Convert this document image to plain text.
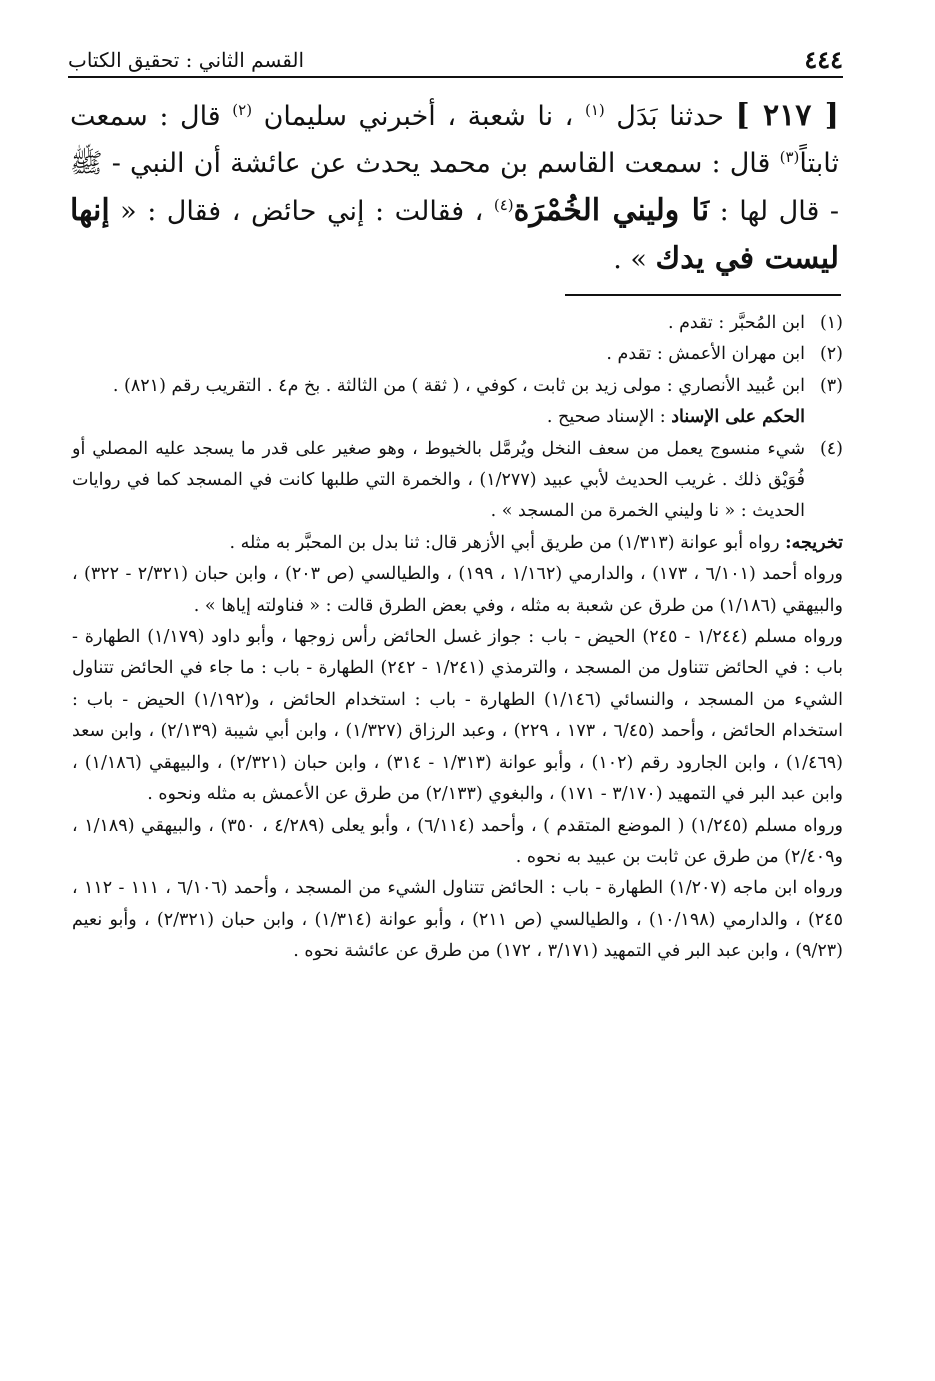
٤٤٤
القسم الثاني : تحقيق الكتاب

[ ٢١٧ ] حدثنا بَدَل $^{(١)}$ ، نا شعبة ، أخبرني سليمان $^{(٢)}$ قال : سمعت ثابتاً$^{(٣)}$ قال : سمعت القاسم بن محمد يحدث عن عائشة أن النبي - ﷺ - قال لها : نَا وليني الخُمْرَة$^{(٤)}$ ، فقالت : إني حائض ، فقال : « إنها ليست في يدك » .

(١)
ابن المُحبَّر : تقدم .
(٢)
ابن مهران الأعمش : تقدم .
(٣)
ابن عُبيد الأنصاري : مولى زيد بن ثابت ، كوفي ، ( ثقة ) من الثالثة . بخ م٤ . التقريب رقم (٨٢١) .

الحكم على الإسناد : الإسناد صحيح .

(٤)
شيء منسوج يعمل من سعف النخل ويُرمَّل بالخيوط ، وهو صغير على قدر ما يسجد عليه المصلي أو فُوَيْق ذلك . غريب الحديث لأبي عبيد (١/٢٧٧) ، والخمرة التي طلبها كانت في المسجد كما في روايات الحديث : « نا وليني الخمرة من المسجد » .

تخريجه: رواه أبو عوانة (١/٣١٣) من طريق أبي الأزهر قال: ثنا بدل بن المحبَّر به مثله .

ورواه أحمد (٦/١٠١ ، ١٧٣) ، والدارمي (١/١٦٢ ، ١٩٩) ، والطيالسي (ص ٢٠٣) ، وابن حبان (٢/٣٢١ - ٣٢٢) ، والبيهقي (١/١٨٦) من طرق عن شعبة به مثله ، وفي بعض الطرق قالت : « فناولته إياها » .

ورواه مسلم (١/٢٤٤ - ٢٤٥) الحيض - باب : جواز غسل الحائض رأس زوجها ، وأبو داود (١/١٧٩) الطهارة - باب : في الحائض تتناول من المسجد ، والترمذي (١/٢٤١ - ٢٤٢) الطهارة - باب : ما جاء في الحائض تتناول الشيء من المسجد ، والنسائي (١/١٤٦) الطهارة - باب : استخدام الحائض ، و(١/١٩٢) الحيض - باب : استخدام الحائض ، وأحمد (٦/٤٥ ، ١٧٣ ، ٢٢٩) ، وعبد الرزاق (١/٣٢٧) ، وابن أبي شيبة (٢/١٣٩) ، وابن سعد (١/٤٦٩) ، وابن الجارود رقم (١٠٢) ، وأبو عوانة (١/٣١٣ - ٣١٤) ، وابن حبان (٢/٣٢١) ، والبيهقي (١/١٨٦) ، وابن عبد البر في التمهيد (٣/١٧٠ - ١٧١) ، والبغوي (٢/١٣٣) من طرق عن الأعمش به مثله ونحوه .

ورواه مسلم (١/٢٤٥) ( الموضع المتقدم ) ، وأحمد (٦/١١٤) ، وأبو يعلى (٤/٢٨٩ ، ٣٥٠) ، والبيهقي (١/١٨٩ ، و٢/٤٠٩) من طرق عن ثابت بن عبيد به نحوه .

ورواه ابن ماجه (١/٢٠٧) الطهارة - باب : الحائض تتناول الشيء من المسجد ، وأحمد (٦/١٠٦ ، ١١١ - ١١٢ ، ٢٤٥) ، والدارمي (١٠/١٩٨) ، والطيالسي (ص ٢١١) ، وأبو عوانة (١/٣١٤) ، وابن حبان (٢/٣٢١) ، وأبو نعيم (٩/٢٣) ، وابن عبد البر في التمهيد (٣/١٧١ ، ١٧٢) من طرق عن عائشة نحوه .
